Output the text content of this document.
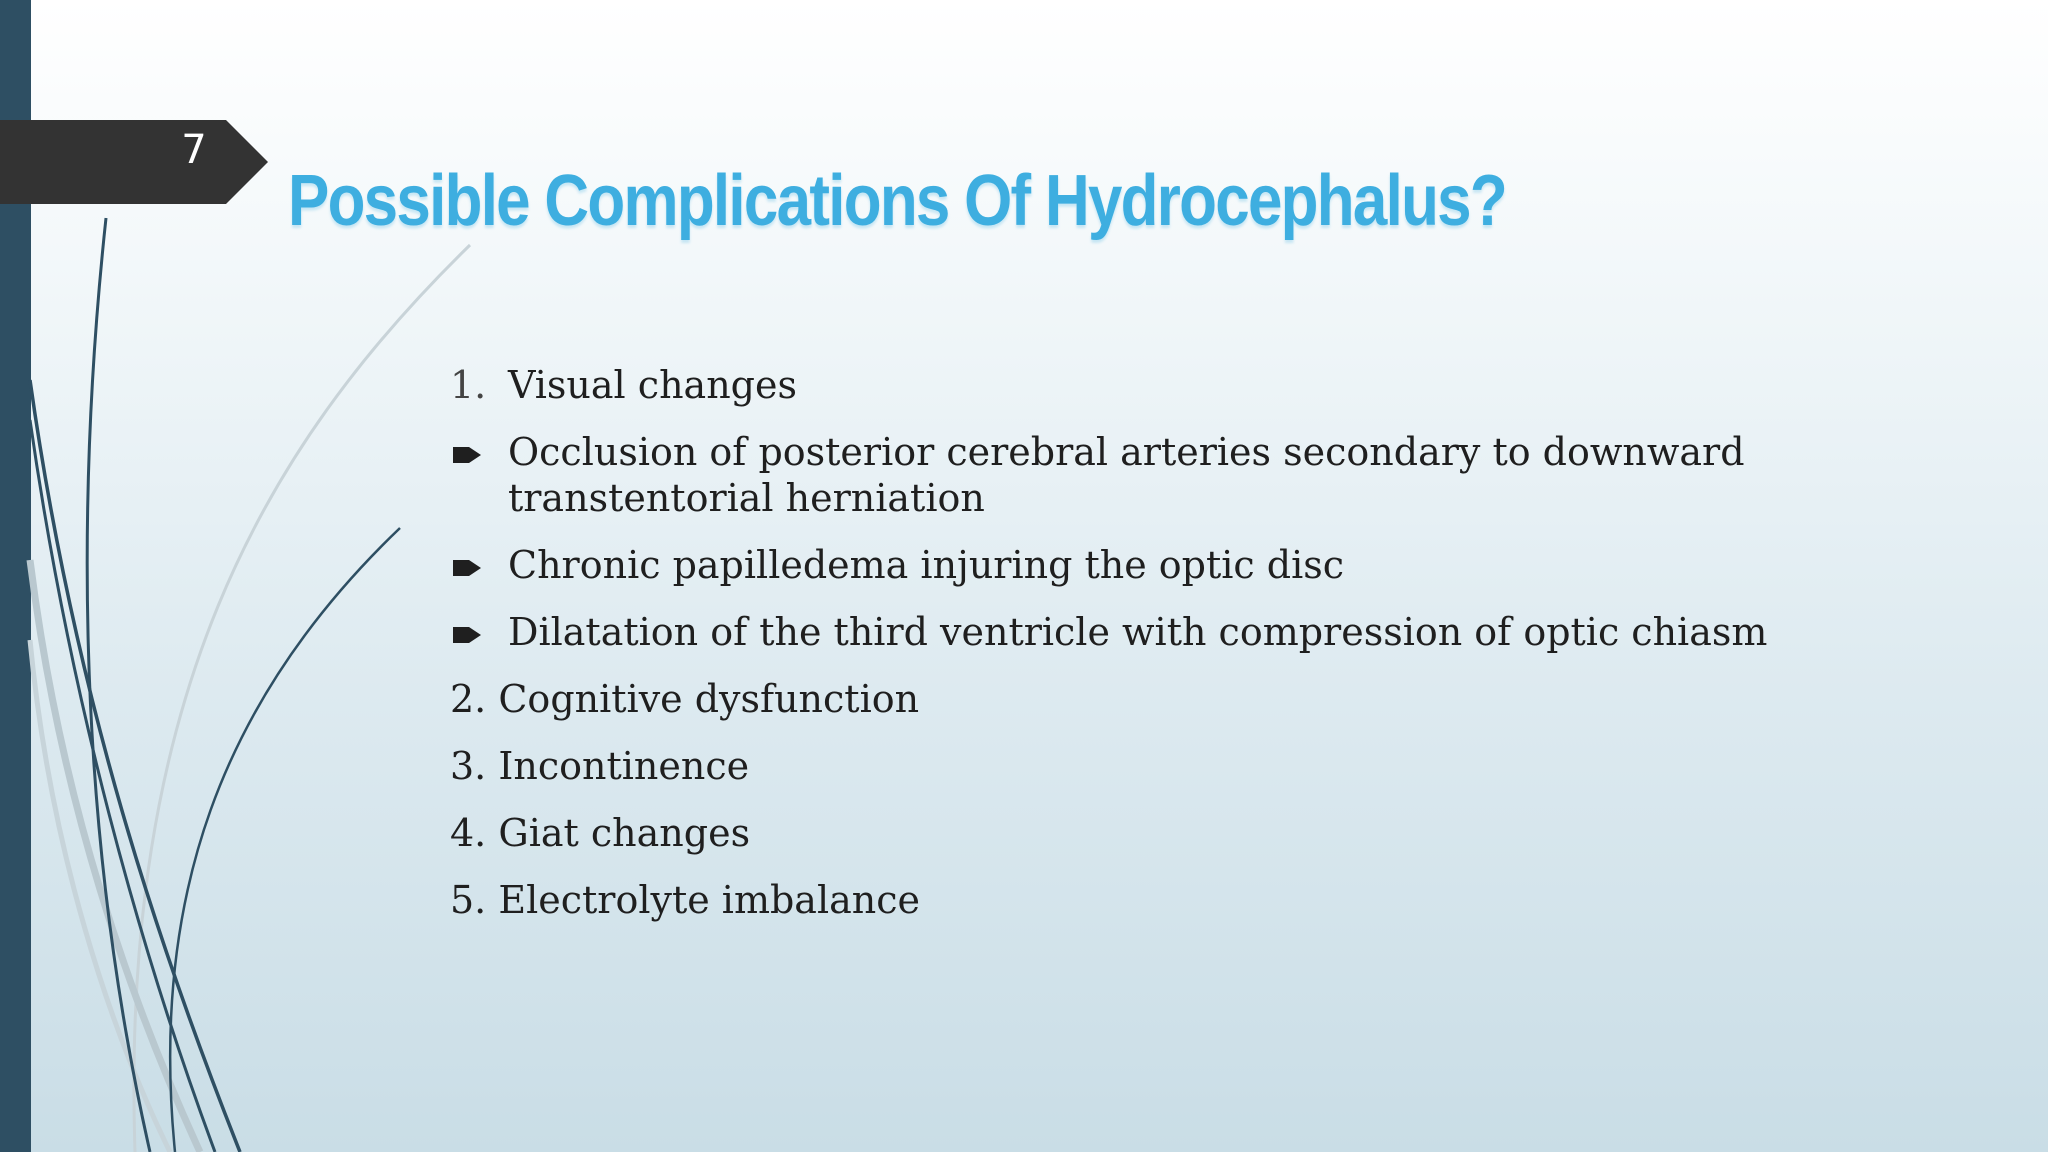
7
Possible Complications Of Hydrocephalus?
1. Visual changes
Occlusion of posterior cerebral arteries secondary to downward transtentorial herniation
Chronic papilledema injuring the optic disc
Dilatation of the third ventricle with compression of optic chiasm
2. Cognitive dysfunction
3. Incontinence
4. Giat changes
5. Electrolyte imbalance
